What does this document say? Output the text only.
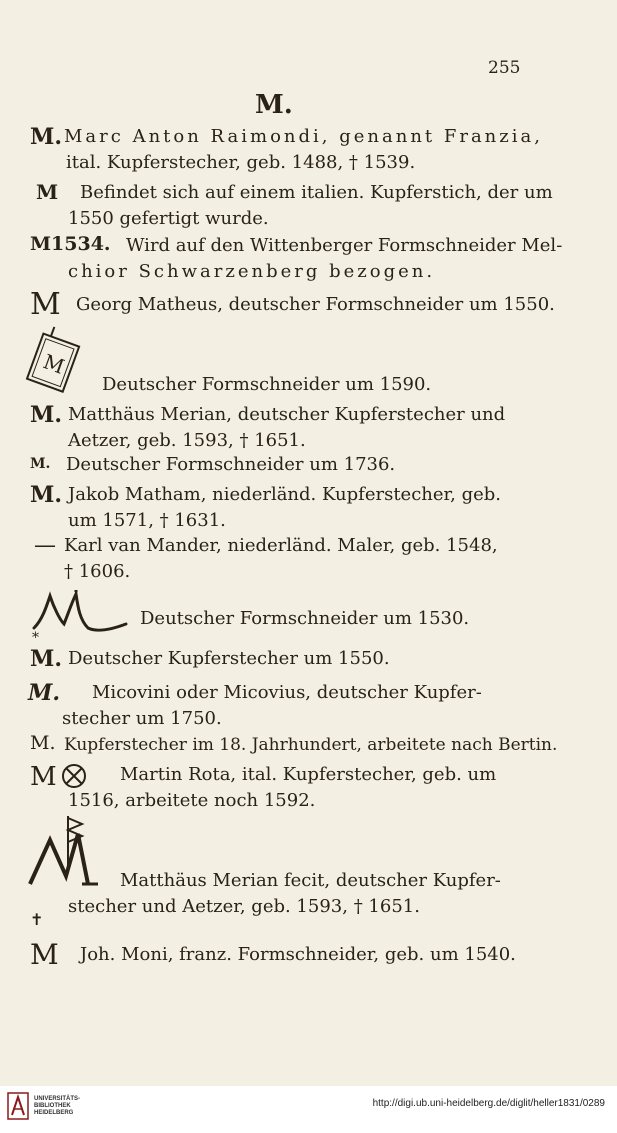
255
M.
M. Marc Anton Raimondi, genannt Franzia,
ital. Kupferstecher, geb. 1488, † 1539.
M Befindet sich auf einem italien. Kupferstich, der um
1550 gefertigt wurde.
M1534. Wird auf den Wittenberger Formschneider Mel-
chior Schwarzenberg bezogen.
M Georg Matheus, deutscher Formschneider um 1550.
M
Deutscher Formschneider um 1590.
M. Matthäus Merian, deutscher Kupferstecher und
Aetzer, geb. 1593, † 1651.
M. Deutscher Formschneider um 1736.
M. Jakob Matham, niederländ. Kupferstecher, geb.
um 1571, † 1631.
— Karl van Mander, niederländ. Maler, geb. 1548,
† 1606.
Deutscher Formschneider um 1530.
M.
*
Deutscher Kupferstecher um 1550.
M. Micovini oder Micovius, deutscher Kupfer-
stecher um 1750.
M. Kupferstecher im 18. Jahrhundert, arbeitete nach Bertin.
M	Martin Rota, ital. Kupferstecher, geb. um
1516, arbeitete noch 1592.
Matthäus Merian fecit, deutscher Kupfer-
stecher und Aetzer, geb. 1593, † 1651.
✝
M Joh. Moni, franz. Formschneider, geb. um 1540.
UNIVERSITÄTS-
BIBLIOTHEK
HEIDELBERG
http://digi.ub.uni-heidelberg.de/diglit/heller1831/0289
